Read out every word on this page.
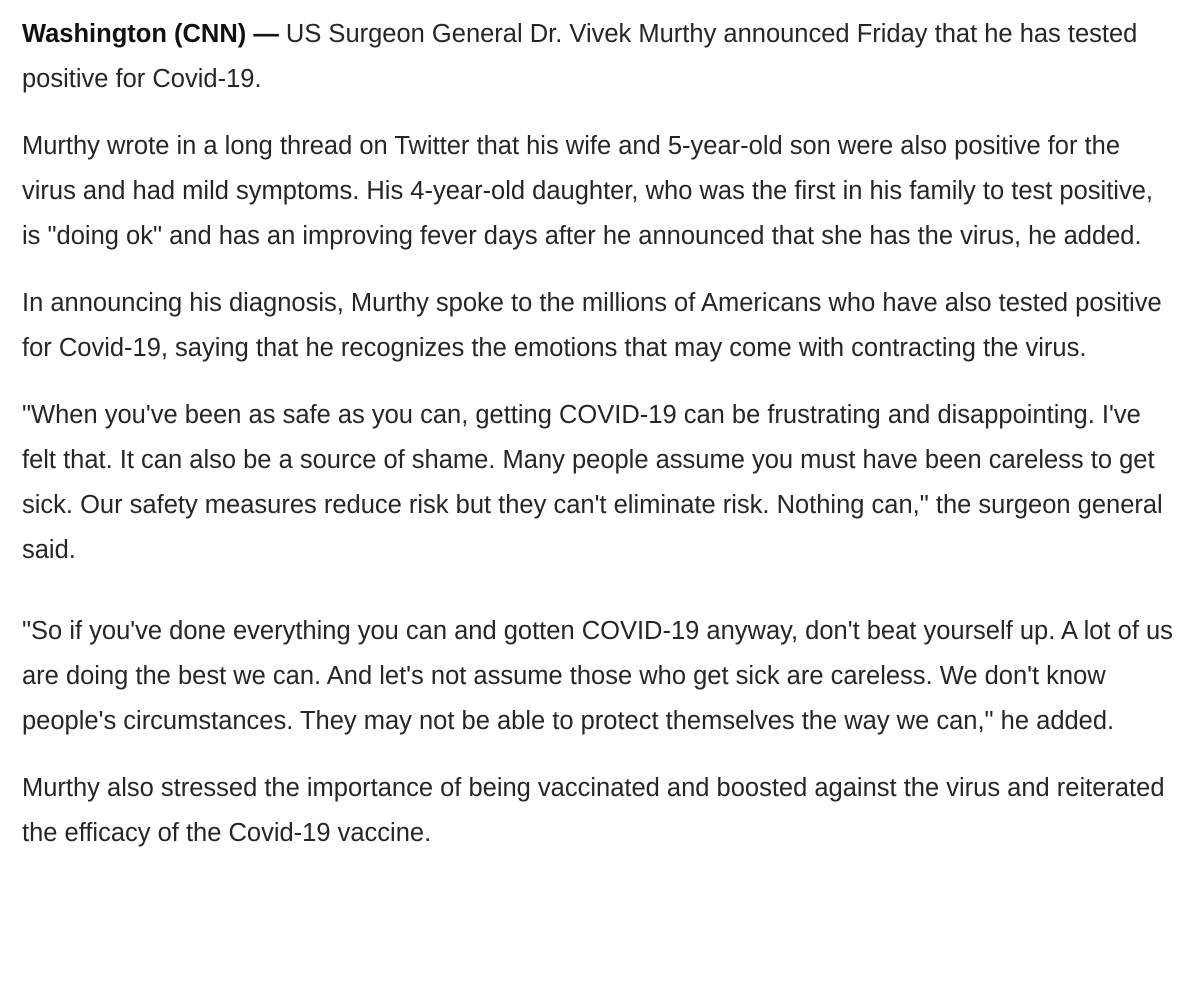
Washington (CNN) — US Surgeon General Dr. Vivek Murthy announced Friday that he has tested positive for Covid-19.

Murthy wrote in a long thread on Twitter that his wife and 5-year-old son were also positive for the virus and had mild symptoms. His 4-year-old daughter, who was the first in his family to test positive, is "doing ok" and has an improving fever days after he announced that she has the virus, he added.

In announcing his diagnosis, Murthy spoke to the millions of Americans who have also tested positive for Covid-19, saying that he recognizes the emotions that may come with contracting the virus.

"When you've been as safe as you can, getting COVID-19 can be frustrating and disappointing. I've felt that. It can also be a source of shame. Many people assume you must have been careless to get sick. Our safety measures reduce risk but they can't eliminate risk. Nothing can," the surgeon general said.

"So if you've done everything you can and gotten COVID-19 anyway, don't beat yourself up. A lot of us are doing the best we can. And let's not assume those who get sick are careless. We don't know people's circumstances. They may not be able to protect themselves the way we can," he added.

Murthy also stressed the importance of being vaccinated and boosted against the virus and reiterated the efficacy of the Covid-19 vaccine.
